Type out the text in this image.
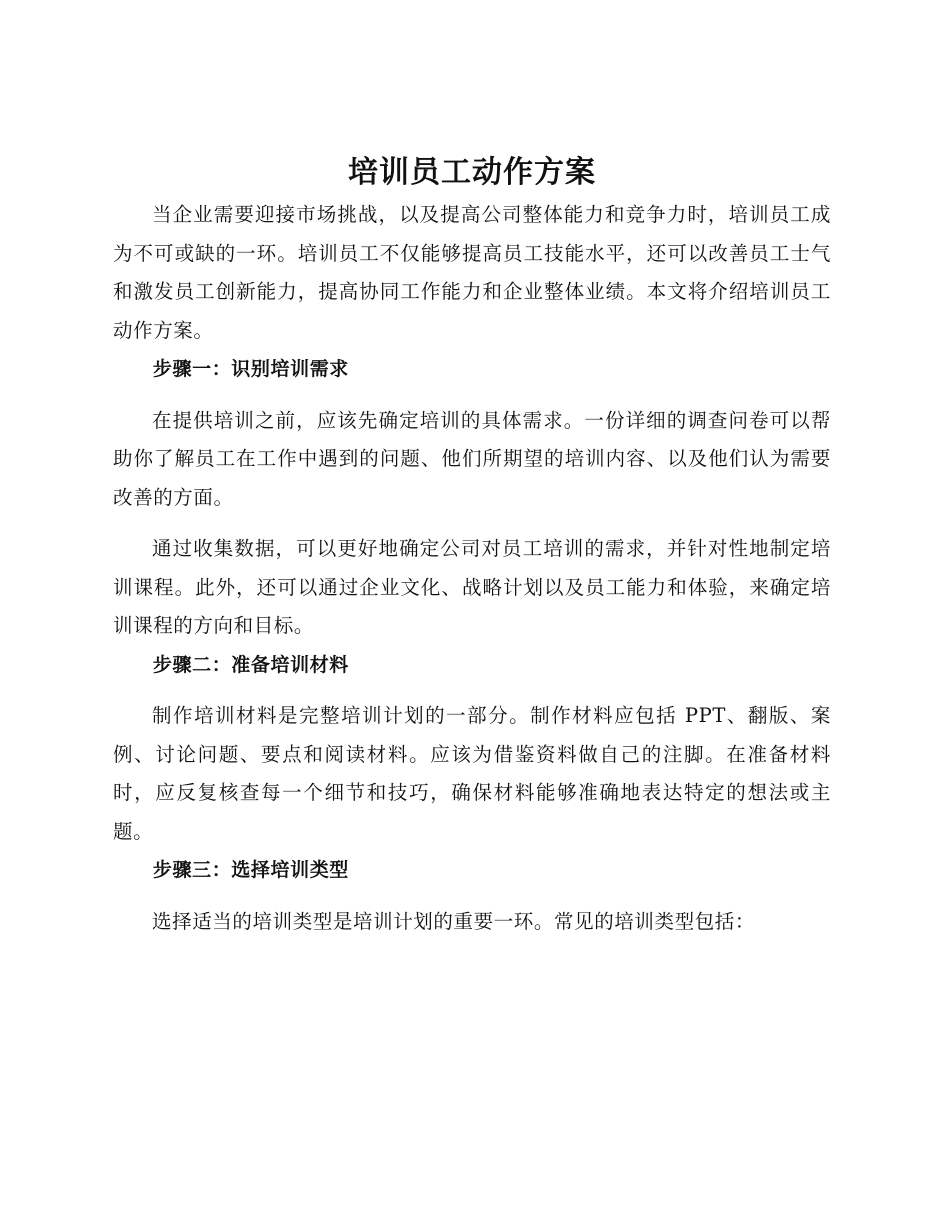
培训员工动作方案

当企业需要迎接市场挑战，以及提高公司整体能力和竞争力时，培训员工成为不可或缺的一环。培训员工不仅能够提高员工技能水平，还可以改善员工士气和激发员工创新能力，提高协同工作能力和企业整体业绩。本文将介绍培训员工动作方案。

步骤一：识别培训需求

在提供培训之前，应该先确定培训的具体需求。一份详细的调查问卷可以帮助你了解员工在工作中遇到的问题、他们所期望的培训内容、以及他们认为需要改善的方面。

通过收集数据，可以更好地确定公司对员工培训的需求，并针对性地制定培训课程。此外，还可以通过企业文化、战略计划以及员工能力和体验，来确定培训课程的方向和目标。

步骤二：准备培训材料

制作培训材料是完整培训计划的一部分。制作材料应包括 PPT、翻版、案例、讨论问题、要点和阅读材料。应该为借鉴资料做自己的注脚。在准备材料时，应反复核查每一个细节和技巧，确保材料能够准确地表达特定的想法或主题。

步骤三：选择培训类型

选择适当的培训类型是培训计划的重要一环。常见的培训类型包括：
